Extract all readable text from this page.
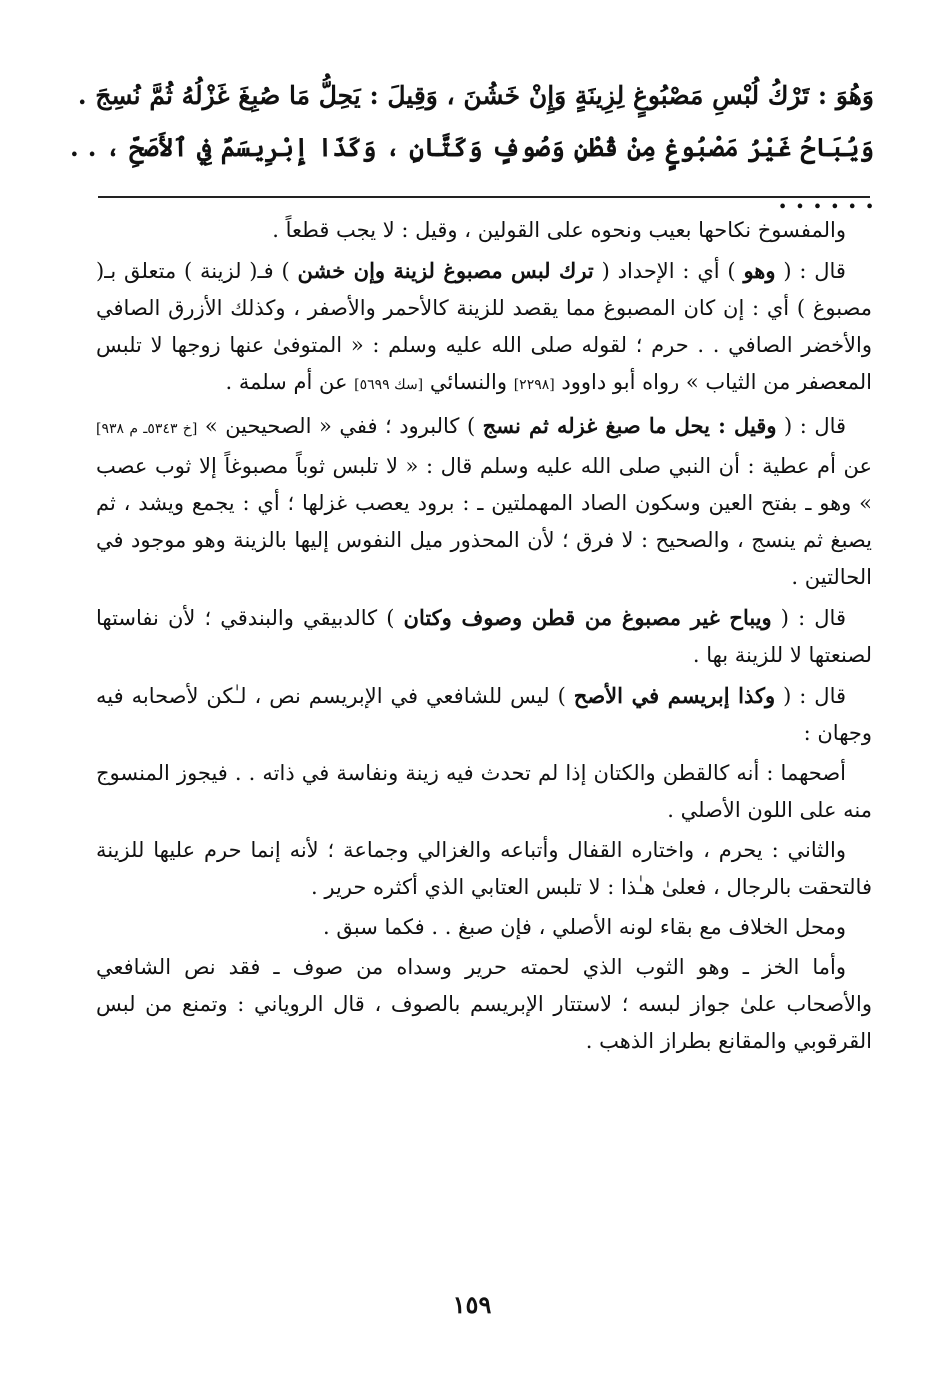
وَهُوَ : تَرْكُ لُبْسِ مَصْبُوغٍ لِزِينَةٍ وَإِنْ خَشُنَ ، وَقِيلَ : يَحِلُّ مَا صُبِغَ غَزْلُهُ ثُمَّ نُسِجَ .
وَيُبَاحُ غَيْرُ مَصْبُوغٍ مِنْ قُطْنٍ وَصُوفٍ وَكَتَّانٍ ، وَكَذَا إِبْرِيسَمٌ فِي ٱلأَصَحِّ ، . . . . . . . .

والمفسوخ نكاحها بعيب ونحوه على القولين ، وقيل : لا يجب قطعاً .

قال : ( وهو ) أي : الإحداد ( ترك لبس مصبوغ لزينة وإن خشن ) فـ( لزينة ) متعلق بـ( مصبوغ ) أي : إن كان المصبوغ مما يقصد للزينة كالأحمر والأصفر ، وكذلك الأزرق الصافي والأخضر الصافي . . حرم ؛ لقوله صلى الله عليه وسلم : « المتوفىٰ عنها زوجها لا تلبس المعصفر من الثياب » رواه أبو داوود [٢٢٩٨] والنسائي [سك ٥٦٩٩] عن أم سلمة .

قال : ( وقيل : يحل ما صبغ غزله ثم نسج ) كالبرود ؛ ففي « الصحيحين » [خ ٥٣٤٣ـ م ٩٣٨] عن أم عطية : أن النبي صلى الله عليه وسلم قال : « لا تلبس ثوباً مصبوغاً إلا ثوب عصب » وهو ـ بفتح العين وسكون الصاد المهملتين ـ : برود يعصب غزلها ؛ أي : يجمع ويشد ، ثم يصبغ ثم ينسج ، والصحيح : لا فرق ؛ لأن المحذور ميل النفوس إليها بالزينة وهو موجود في الحالتين .

قال : ( ويباح غير مصبوغ من قطن وصوف وكتان ) كالدبيقي والبندقي ؛ لأن نفاستها لصنعتها لا للزينة بها .

قال : ( وكذا إبريسم في الأصح ) ليس للشافعي في الإبريسم نص ، لـٰكن لأصحابه فيه وجهان :

أصحهما : أنه كالقطن والكتان إذا لم تحدث فيه زينة ونفاسة في ذاته . . فيجوز المنسوج منه على اللون الأصلي .

والثاني : يحرم ، واختاره القفال وأتباعه والغزالي وجماعة ؛ لأنه إنما حرم عليها للزينة فالتحقت بالرجال ، فعلىٰ هـٰذا : لا تلبس العتابي الذي أكثره حرير .

ومحل الخلاف مع بقاء لونه الأصلي ، فإن صبغ . . فكما سبق .

وأما الخز ـ وهو الثوب الذي لحمته حرير وسداه من صوف ـ فقد نص الشافعي والأصحاب علىٰ جواز لبسه ؛ لاستتار الإبريسم بالصوف ، قال الروياني : وتمنع من لبس القرقوبي والمقانع بطراز الذهب .

١٥٩
